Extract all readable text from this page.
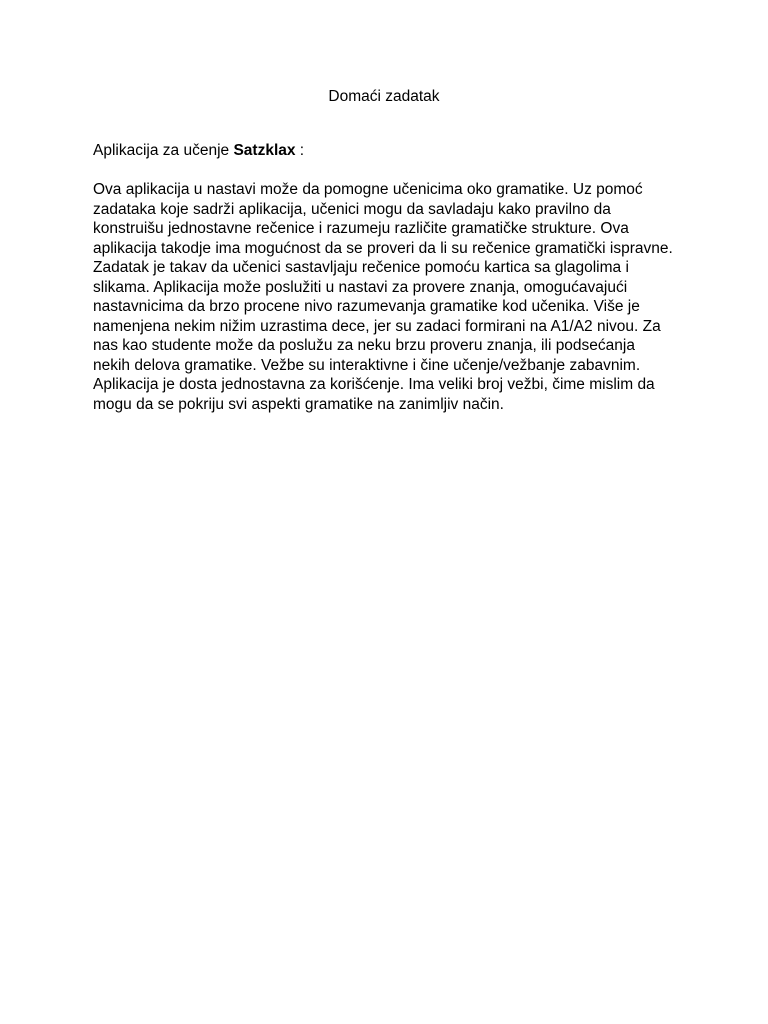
Domaći zadatak

Aplikacija za učenje Satzklax :

Ova aplikacija u nastavi može da pomogne učenicima oko gramatike. Uz pomoć
zadataka koje sadrži aplikacija, učenici mogu da savladaju kako pravilno da
konstruišu jednostavne rečenice i razumeju različite gramatičke strukture. Ova
aplikacija takodje ima mogućnost da se proveri da li su rečenice gramatički ispravne.
Zadatak je takav da učenici sastavljaju rečenice pomoću kartica sa glagolima i
slikama. Aplikacija može poslužiti u nastavi za provere znanja, omogućavajući
nastavnicima da brzo procene nivo razumevanja gramatike kod učenika. Više je
namenjena nekim nižim uzrastima dece, jer su zadaci formirani na A1/A2 nivou. Za
nas kao studente može da poslužu za neku brzu proveru znanja, ili podsećanja
nekih delova gramatike. Vežbe su interaktivne i čine učenje/vežbanje zabavnim.
Aplikacija je dosta jednostavna za korišćenje. Ima veliki broj vežbi, čime mislim da
mogu da se pokriju svi aspekti gramatike na zanimljiv način.
